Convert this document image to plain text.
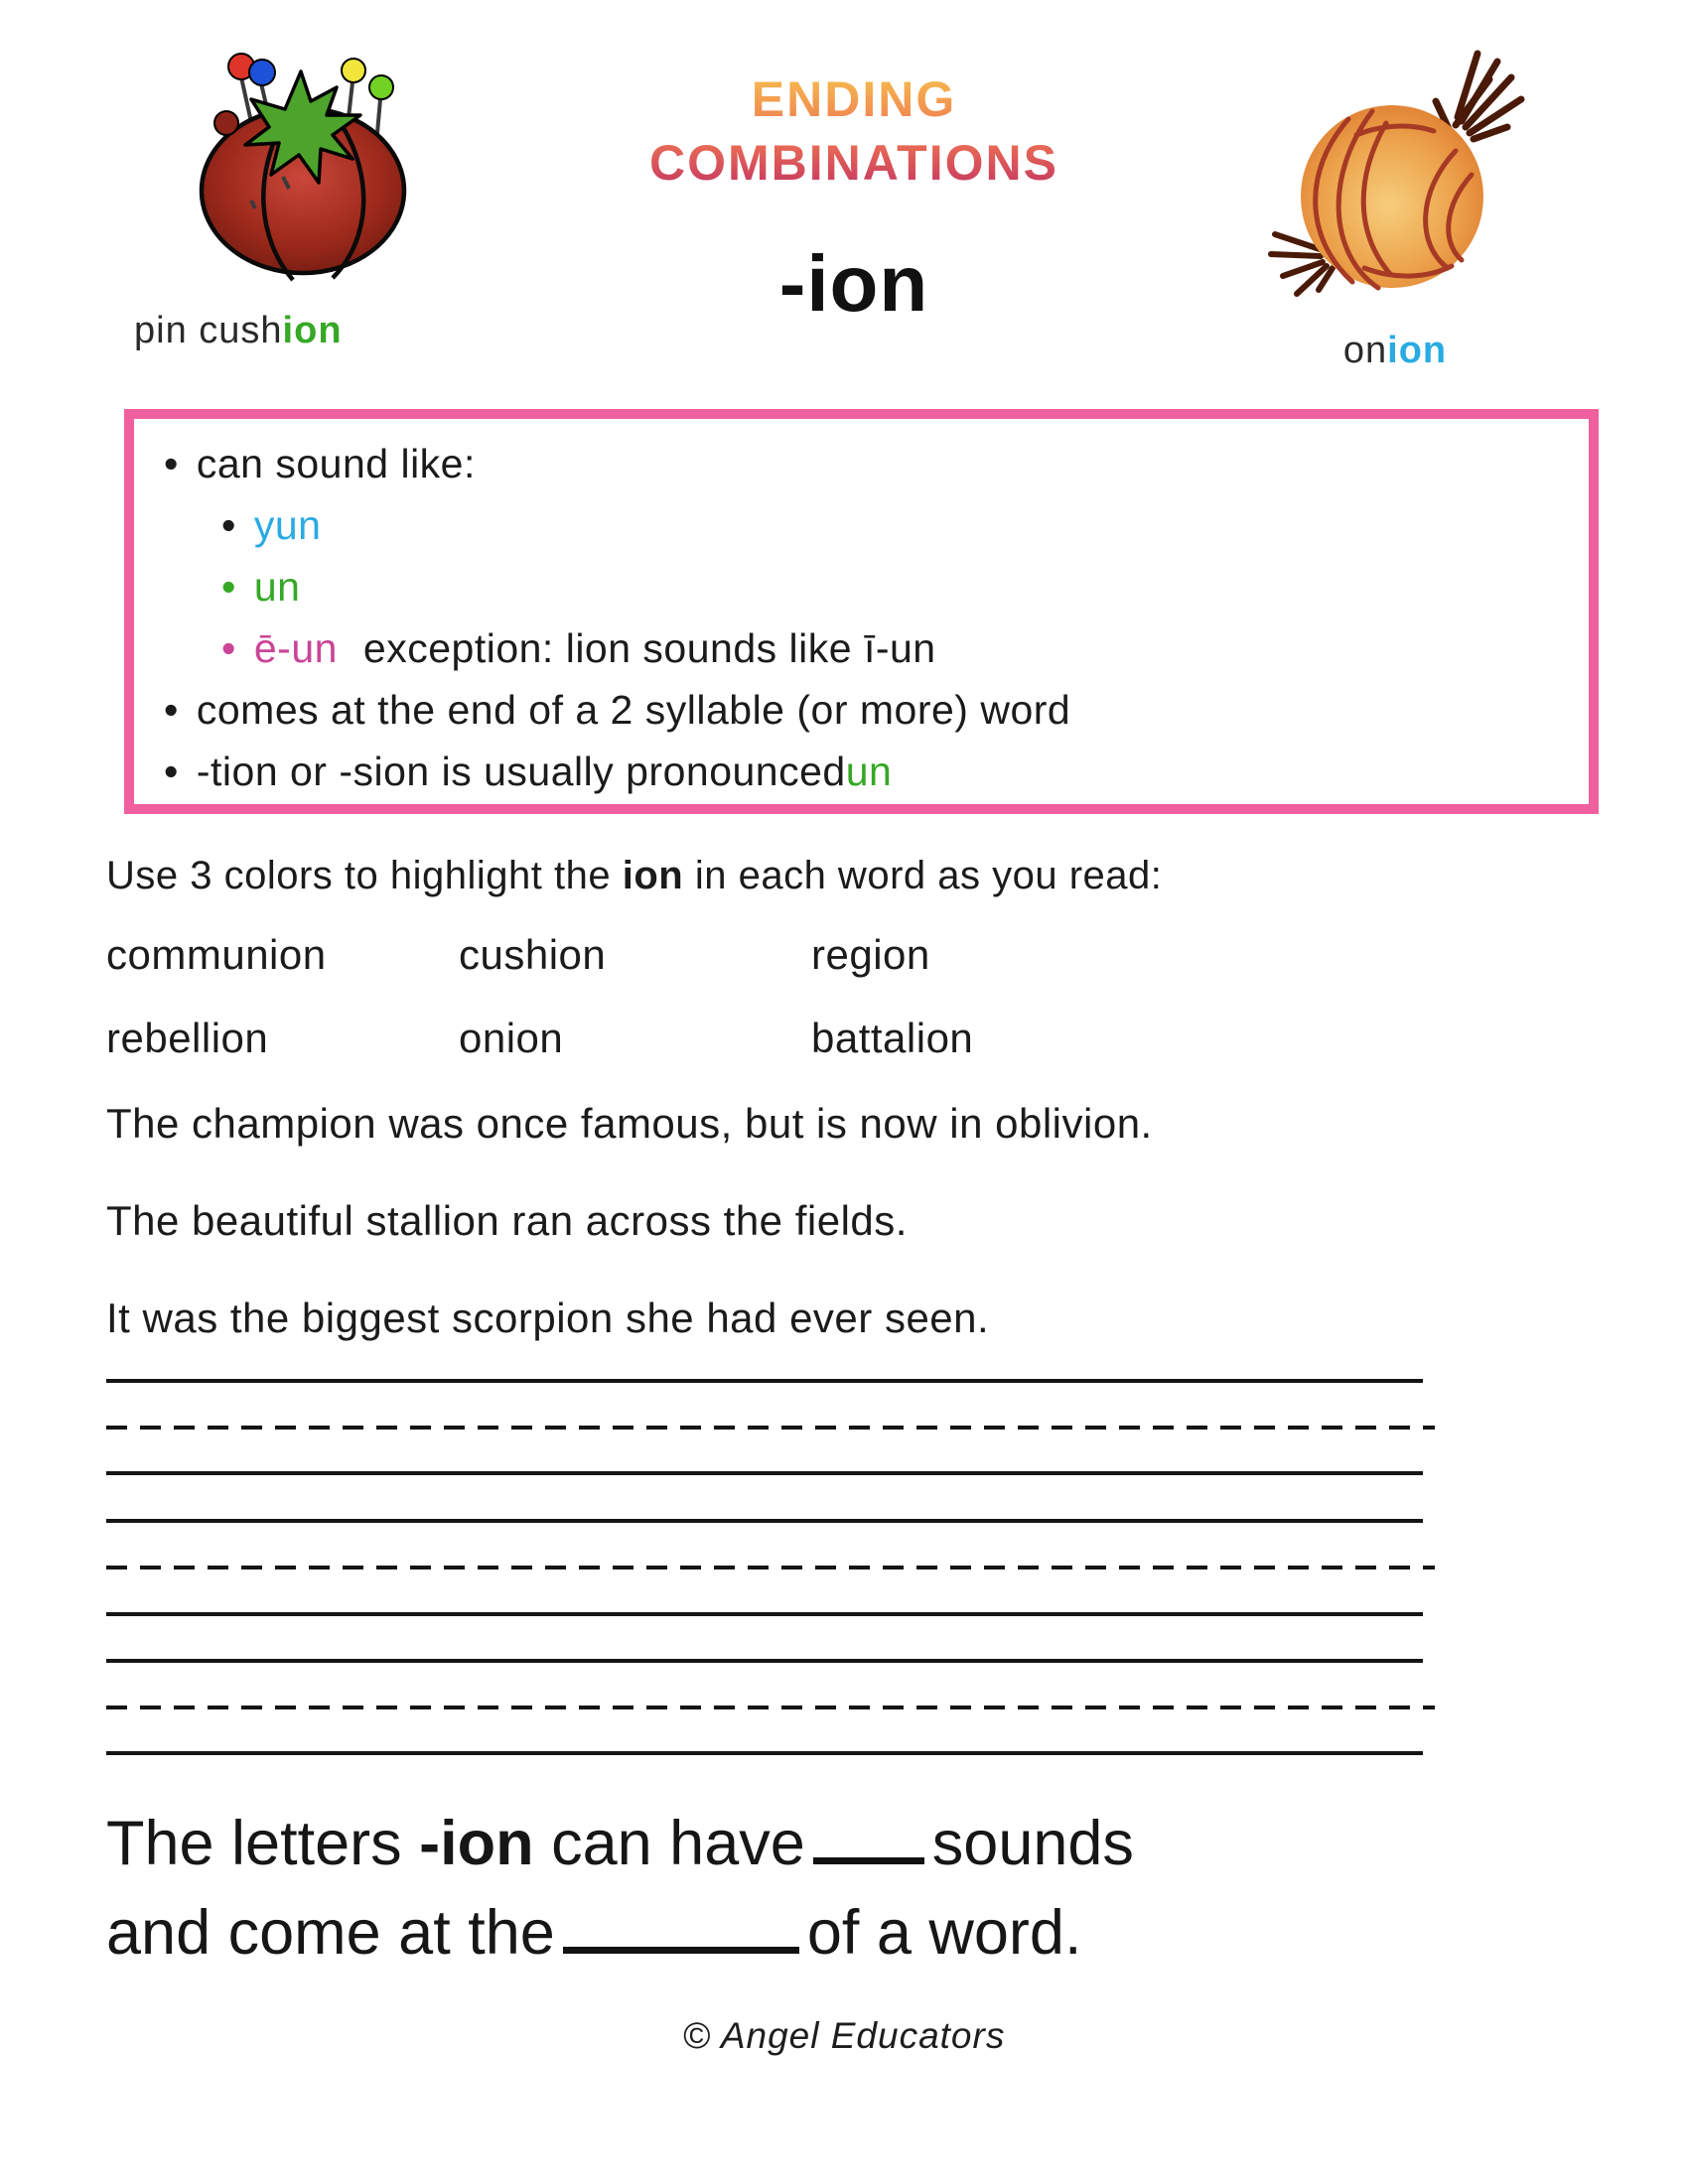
pin cushion
ENDING
COMBINATIONS
-ion
onion
• can sound like:
• yun
• un
• ē-un exception: lion sounds like ī-un
• comes at the end of a 2 syllable (or more) word
• -tion or -sion is usually pronounced un
Use 3 colors to highlight the ion in each word as you read:
communion	cushion	region
rebellion	onion	battalion

The champion was once famous, but is now in oblivion.

The beautiful stallion ran across the fields.

It was the biggest scorpion she had ever seen.

The letters -ion can have sounds
and come at the	of a word.
© Angel Educators
